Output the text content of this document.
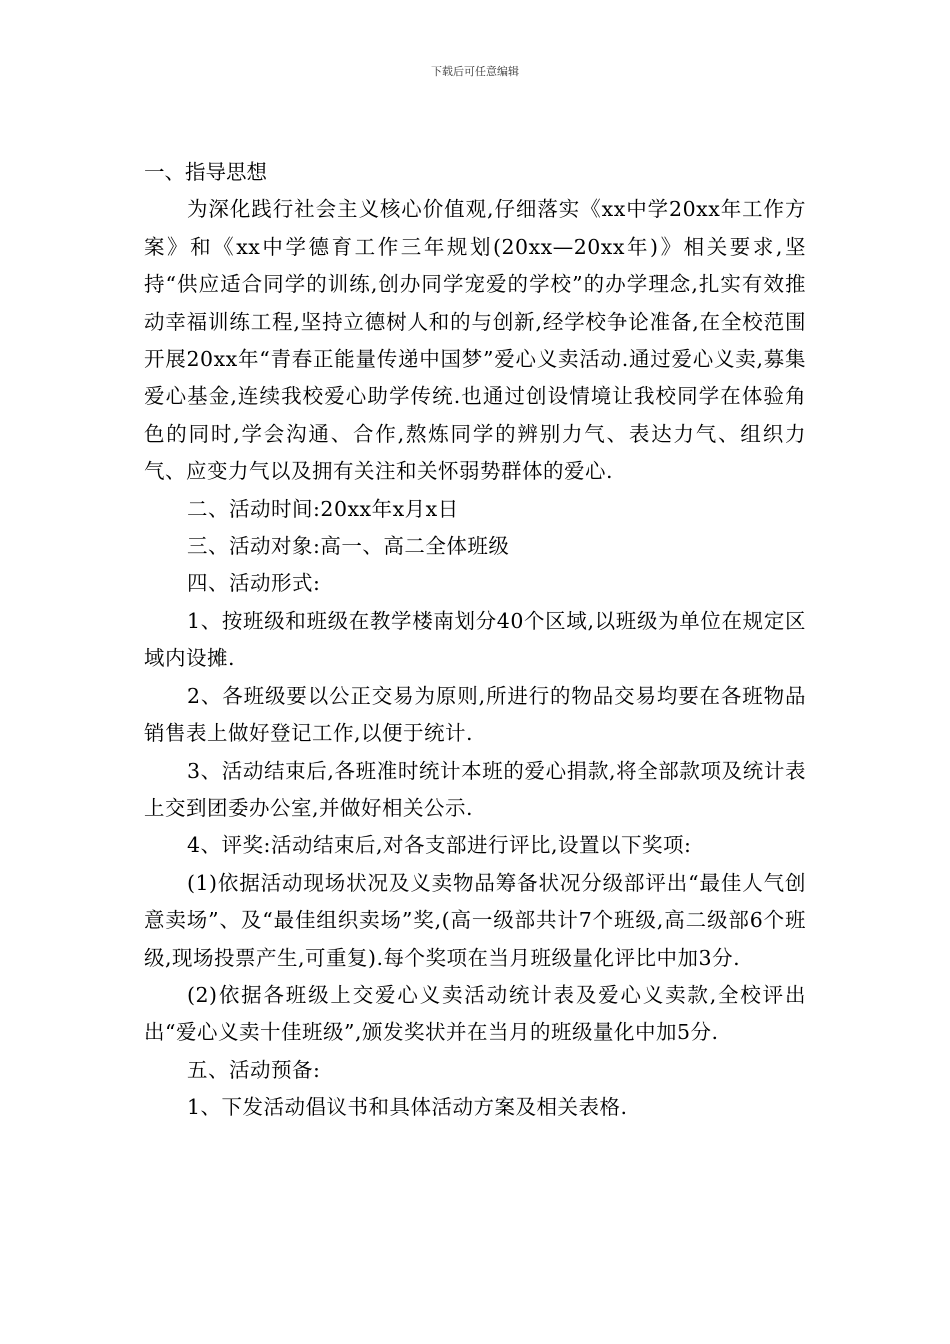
下载后可任意编辑

一、指导思想

为深化践行社会主义核心价值观,仔细落实《xx中学20xx年工作方案》和《xx中学德育工作三年规划(20xx—20xx年)》相关要求,坚持“供应适合同学的训练,创办同学宠爱的学校”的办学理念,扎实有效推动幸福训练工程,坚持立德树人和的与创新,经学校争论准备,在全校范围开展20xx年“青春正能量传递中国梦”爱心义卖活动.通过爱心义卖,募集爱心基金,连续我校爱心助学传统.也通过创设情境让我校同学在体验角色的同时,学会沟通、合作,熬炼同学的辨别力气、表达力气、组织力气、应变力气以及拥有关注和关怀弱势群体的爱心.

二、活动时间:20xx年x月x日

三、活动对象:高一、高二全体班级

四、活动形式:

1、按班级和班级在教学楼南划分40个区域,以班级为单位在规定区域内设摊.

2、各班级要以公正交易为原则,所进行的物品交易均要在各班物品销售表上做好登记工作,以便于统计.

3、活动结束后,各班准时统计本班的爱心捐款,将全部款项及统计表上交到团委办公室,并做好相关公示.

4、评奖:活动结束后,对各支部进行评比,设置以下奖项:

(1)依据活动现场状况及义卖物品筹备状况分级部评出“最佳人气创意卖场”、及“最佳组织卖场”奖,(高一级部共计7个班级,高二级部6个班级,现场投票产生,可重复).每个奖项在当月班级量化评比中加3分.

(2)依据各班级上交爱心义卖活动统计表及爱心义卖款,全校评出出“爱心义卖十佳班级”,颁发奖状并在当月的班级量化中加5分.

五、活动预备:

1、下发活动倡议书和具体活动方案及相关表格.
